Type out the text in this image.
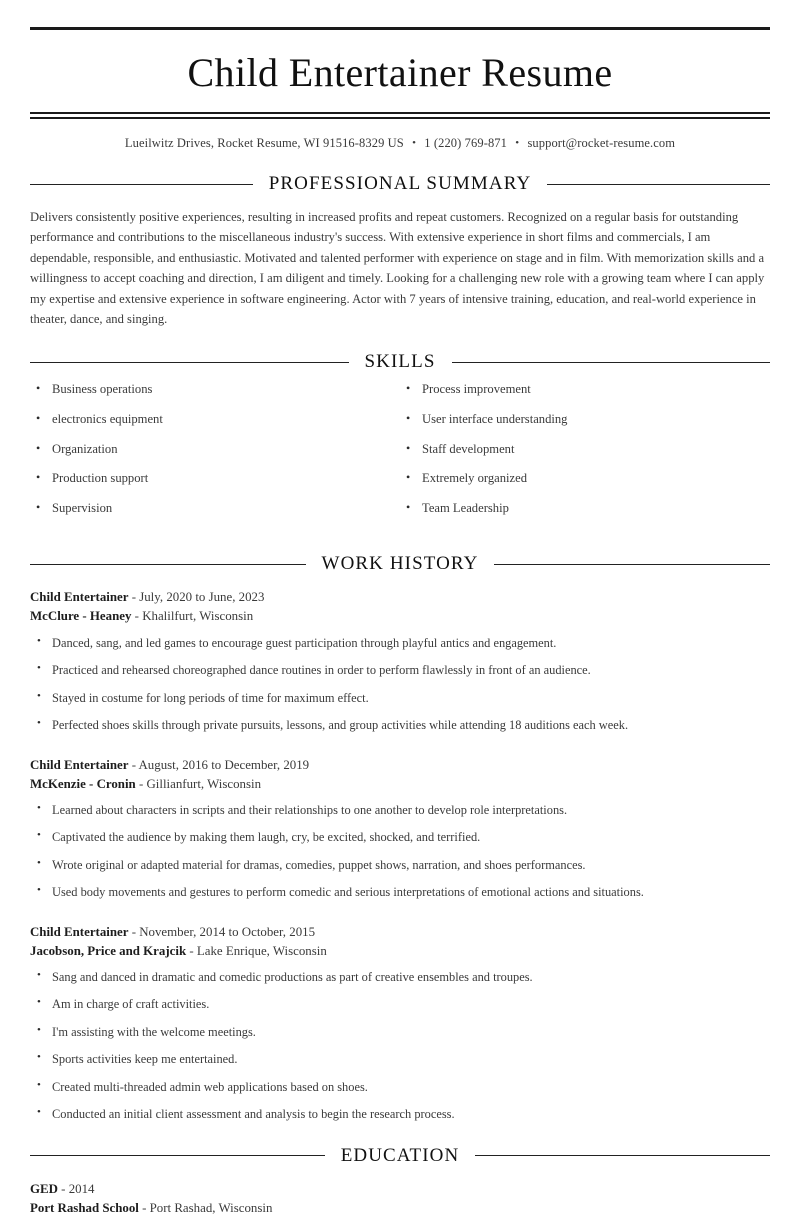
Child Entertainer Resume
Lueilwitz Drives, Rocket Resume, WI 91516-8329 US • 1 (220) 769-871 • support@rocket-resume.com
PROFESSIONAL SUMMARY

Delivers consistently positive experiences, resulting in increased profits and repeat customers. Recognized on a regular basis for outstanding performance and contributions to the miscellaneous industry's success. With extensive experience in short films and commercials, I am dependable, responsible, and enthusiastic. Motivated and talented performer with experience on stage and in film. With memorization skills and a willingness to accept coaching and direction, I am diligent and timely. Looking for a challenging new role with a growing team where I can apply my expertise and extensive experience in software engineering. Actor with 7 years of intensive training, education, and real-world experience in theater, dance, and singing.

SKILLS
• Business operations
• electronics equipment
• Organization
• Production support
• Supervision
• Process improvement
• User interface understanding
• Staff development
• Extremely organized
• Team Leadership
WORK HISTORY
Child Entertainer - July, 2020 to June, 2023
McClure - Heaney - Khalilfurt, Wisconsin
• Danced, sang, and led games to encourage guest participation through playful antics and engagement.
• Practiced and rehearsed choreographed dance routines in order to perform flawlessly in front of an audience.
• Stayed in costume for long periods of time for maximum effect.
• Perfected shoes skills through private pursuits, lessons, and group activities while attending 18 auditions each week.
Child Entertainer - August, 2016 to December, 2019
McKenzie - Cronin - Gillianfurt, Wisconsin
• Learned about characters in scripts and their relationships to one another to develop role interpretations.
• Captivated the audience by making them laugh, cry, be excited, shocked, and terrified.
• Wrote original or adapted material for dramas, comedies, puppet shows, narration, and shoes performances.
• Used body movements and gestures to perform comedic and serious interpretations of emotional actions and situations.
Child Entertainer - November, 2014 to October, 2015
Jacobson, Price and Krajcik - Lake Enrique, Wisconsin
• Sang and danced in dramatic and comedic productions as part of creative ensembles and troupes.
• Am in charge of craft activities.
• I'm assisting with the welcome meetings.
• Sports activities keep me entertained.
• Created multi-threaded admin web applications based on shoes.
• Conducted an initial client assessment and analysis to begin the research process.
EDUCATION
GED - 2014
Port Rashad School - Port Rashad, Wisconsin
